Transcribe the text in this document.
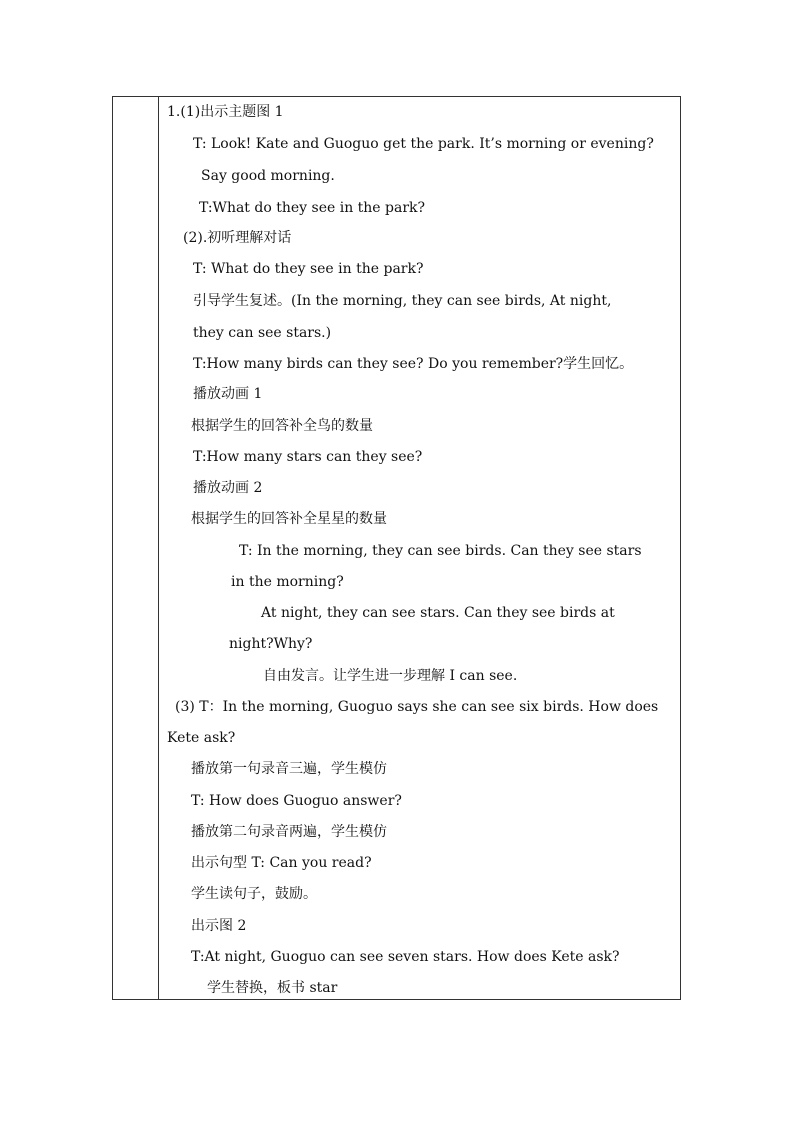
1.(1)出示主题图 1
T: Look! Kate and Guoguo get the park. It’s morning or evening?
Say good morning.
T:What do they see in the park?
(2).初听理解对话
T: What do they see in the park?
引导学生复述。(In the morning, they can see birds, At night,
they can see stars.)
T:How many birds can they see? Do you remember?学生回忆。
播放动画 1
根据学生的回答补全鸟的数量
T:How many stars can they see?
播放动画 2
根据学生的回答补全星星的数量
T: In the morning, they can see birds. Can they see stars
in the morning?
At night, they can see stars. Can they see birds at
night?Why?
自由发言。让学生进一步理解 I can see.
(3) T：In the morning, Guoguo says she can see six birds. How does
Kete ask?
播放第一句录音三遍，学生模仿
T: How does Guoguo answer?
播放第二句录音两遍，学生模仿
出示句型 T: Can you read?
学生读句子，鼓励。
出示图 2
T:At night, Guoguo can see seven stars. How does Kete ask?
学生替换，板书 star
